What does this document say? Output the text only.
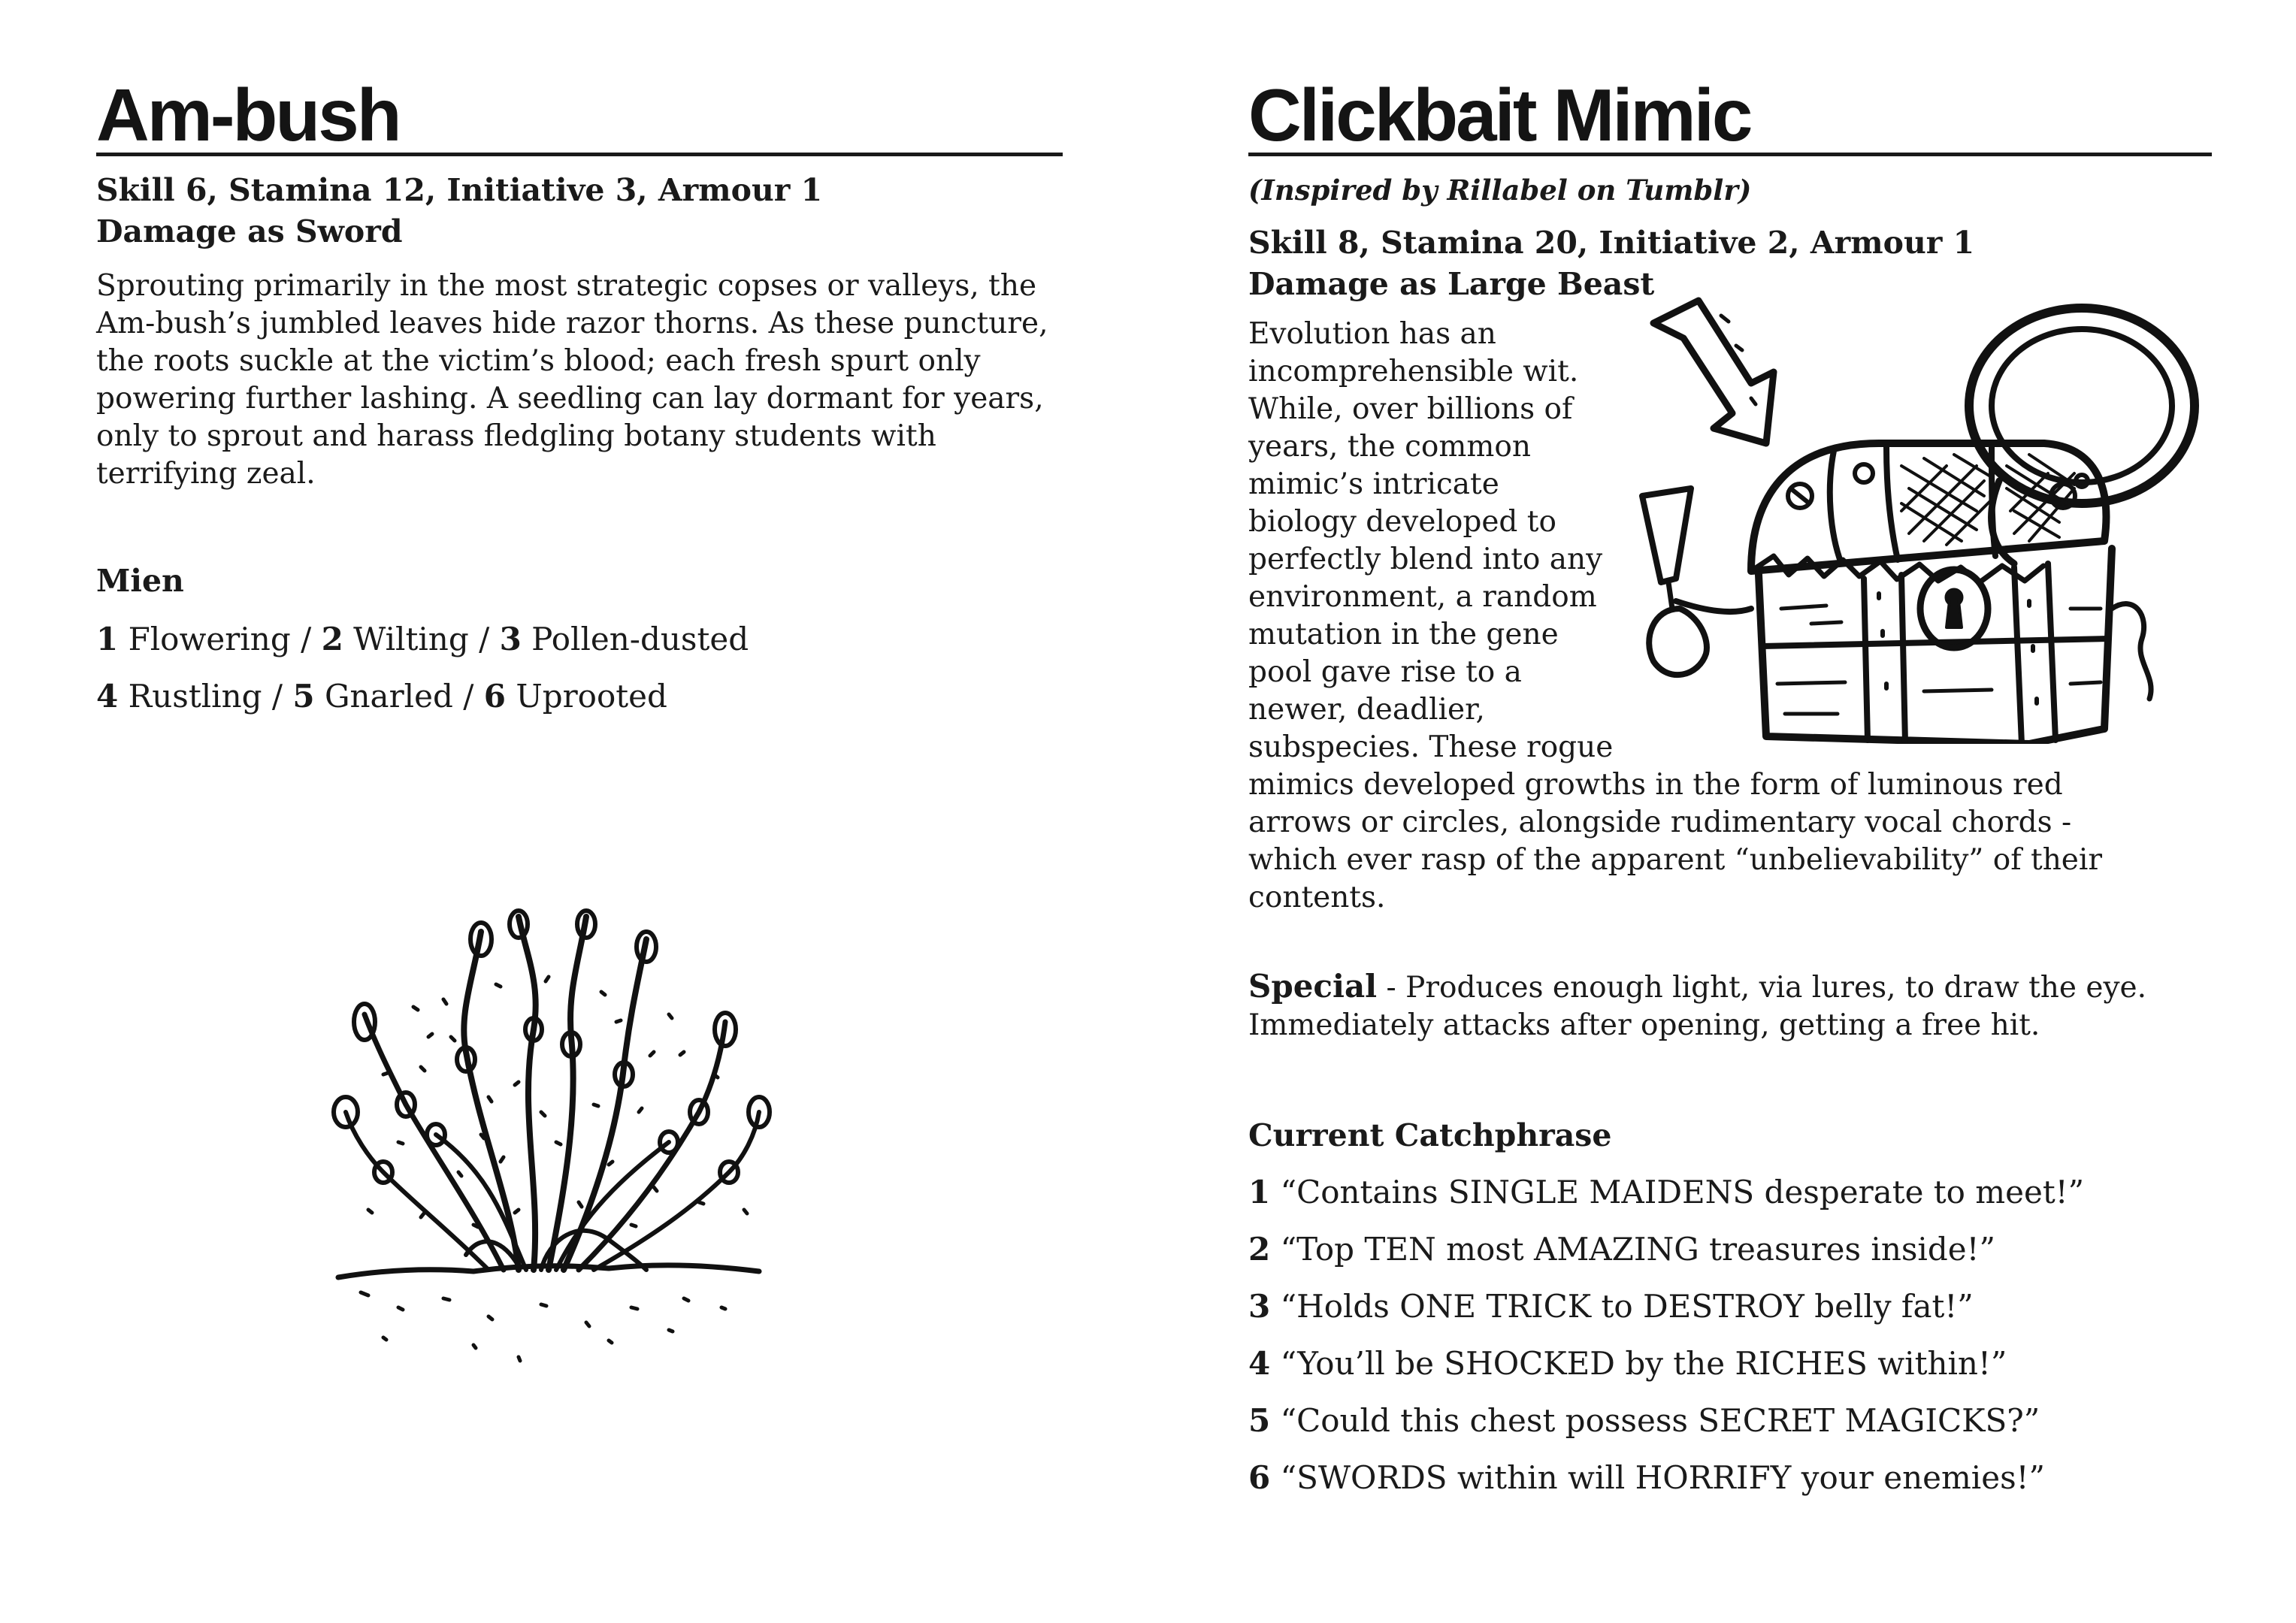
Am-bush
Skill 6, Stamina 12, Initiative 3, Armour 1
Damage as Sword

Sprouting primarily in the most strategic copses or valleys, the Am-bush’s jumbled leaves hide razor thorns. As these puncture, the roots suckle at the victim’s blood; each fresh spurt only powering further lashing. A seedling can lay dormant for years, only to sprout and harass fledgling botany students with terrifying zeal.

Mien
1 Flowering / 2 Wilting / 3 Pollen-dusted
4 Rustling / 5 Gnarled / 6 Uprooted
Clickbait Mimic
(Inspired by Rillabel on Tumblr)
Skill 8, Stamina 20, Initiative 2, Armour 1
Damage as Large Beast
Evolution has an
incomprehensible wit.
While, over billions of
years, the common
mimic’s intricate
biology developed to
perfectly blend into any
environment, a random
mutation in the gene
pool gave rise to a
newer, deadlier,
subspecies. These rogue
mimics developed growths in the form of luminous red
arrows or circles, alongside rudimentary vocal chords -
which ever rasp of the apparent “unbelievability” of their
contents.
Special - Produces enough light, via lures, to draw the eye.
Immediately attacks after opening, getting a free hit.
Current Catchphrase
1 “Contains SINGLE MAIDENS desperate to meet!”
2 “Top TEN most AMAZING treasures inside!”
3 “Holds ONE TRICK to DESTROY belly fat!”
4 “You’ll be SHOCKED by the RICHES within!”
5 “Could this chest possess SECRET MAGICKS?”
6 “SWORDS within will HORRIFY your enemies!”
